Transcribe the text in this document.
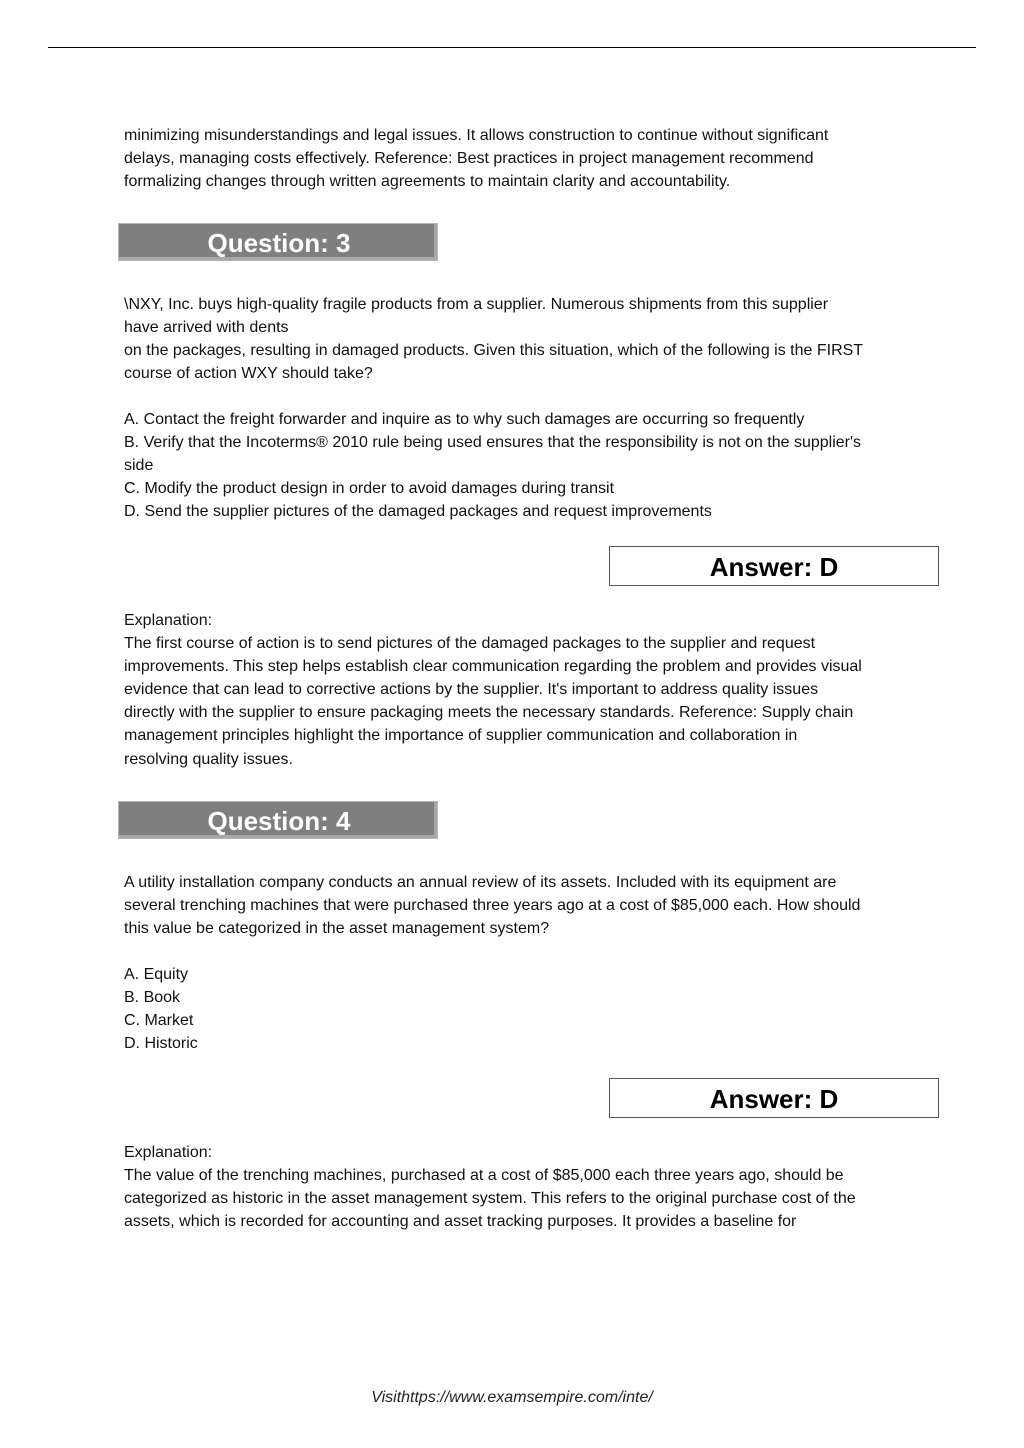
minimizing misunderstandings and legal issues. It allows construction to continue without significant
delays, managing costs effectively. Reference: Best practices in project management recommend
formalizing changes through written agreements to maintain clarity and accountability.
Question: 3
\NXY, Inc. buys high-quality fragile products from a supplier. Numerous shipments from this supplier
have arrived with dents
on the packages, resulting in damaged products. Given this situation, which of the following is the FIRST
course of action WXY should take?
A. Contact the freight forwarder and inquire as to why such damages are occurring so frequently
B. Verify that the Incoterms® 2010 rule being used ensures that the responsibility is not on the supplier's
side
C. Modify the product design in order to avoid damages during transit
D. Send the supplier pictures of the damaged packages and request improvements
Answer: D
Explanation:
The first course of action is to send pictures of the damaged packages to the supplier and request
improvements. This step helps establish clear communication regarding the problem and provides visual
evidence that can lead to corrective actions by the supplier. It's important to address quality issues
directly with the supplier to ensure packaging meets the necessary standards. Reference: Supply chain
management principles highlight the importance of supplier communication and collaboration in
resolving quality issues.
Question: 4
A utility installation company conducts an annual review of its assets. Included with its equipment are
several trenching machines that were purchased three years ago at a cost of $85,000 each. How should
this value be categorized in the asset management system?
A. Equity
B. Book
C. Market
D. Historic
Answer: D
Explanation:
The value of the trenching machines, purchased at a cost of $85,000 each three years ago, should be
categorized as historic in the asset management system. This refers to the original purchase cost of the
assets, which is recorded for accounting and asset tracking purposes. It provides a baseline for
Visithttps://www.examsempire.com/inte/
